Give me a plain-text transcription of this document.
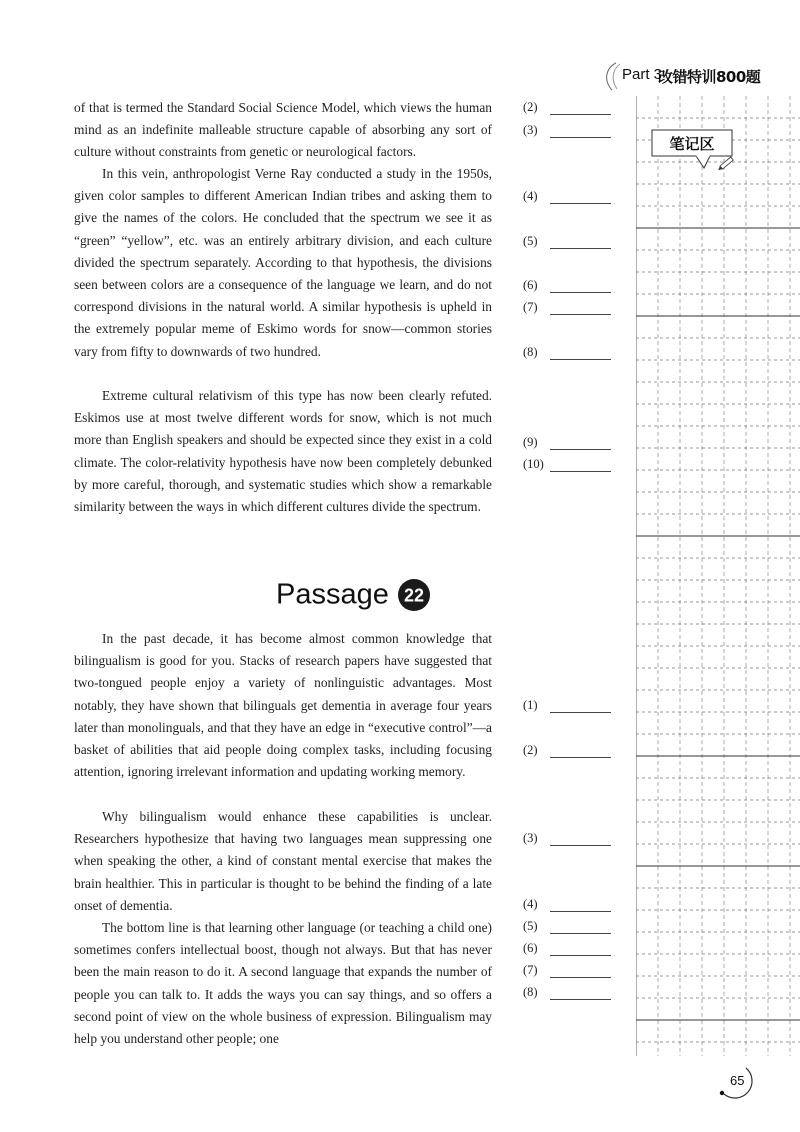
Part 3
改错特训800题

of that is termed the Standard Social Science Model, which views the human mind as an indefinite malleable structure capable of absorbing any sort of culture without constraints from genetic or neurological factors.

In this vein, anthropologist Verne Ray conducted a study in the 1950s, given color samples to different American Indian tribes and asking them to give the names of the colors. He concluded that the spectrum we see it as “green” “yellow”, etc. was an entirely arbitrary division, and each culture divided the spectrum separately. According to that hypothesis, the divisions seen between colors are a consequence of the language we learn, and do not correspond divisions in the natural world. A similar hypothesis is upheld in the extremely popular meme of Eskimo words for snow—common stories vary from fifty to downwards of two hundred.

Extreme cultural relativism of this type has now been clearly refuted. Eskimos use at most twelve different words for snow, which is not much more than English speakers and should be expected since they exist in a cold climate. The color-relativity hypothesis have now been completely debunked by more careful, thorough, and systematic studies which show a remarkable similarity between the ways in which different cultures divide the spectrum.

Passage 22

In the past decade, it has become almost common knowledge that bilingualism is good for you. Stacks of research papers have suggested that two-tongued people enjoy a variety of nonlinguistic advantages. Most notably, they have shown that bilinguals get dementia in average four years later than monolinguals, and that they have an edge in “executive control”—a basket of abilities that aid people doing complex tasks, including focusing attention, ignoring irrelevant information and updating working memory.

Why bilingualism would enhance these capabilities is unclear. Researchers hypothesize that having two languages mean suppressing one when speaking the other, a kind of constant mental exercise that makes the brain healthier. This in particular is thought to be behind the finding of a late onset of dementia.

The bottom line is that learning other language (or teaching a child one) sometimes confers intellectual boost, though not always. But that has never been the main reason to do it. A second language that expands the number of people you can talk to. It adds the ways you can say things, and so offers a second point of view on the whole business of expression. Bilingualism may help you understand other people; one

(2)
(3)
(4)
(5)
(6)
(7)
(8)
(9)
(10)
(1)
(2)
(3)
(4)
(5)
(6)
(7)
(8)
笔记区
65
